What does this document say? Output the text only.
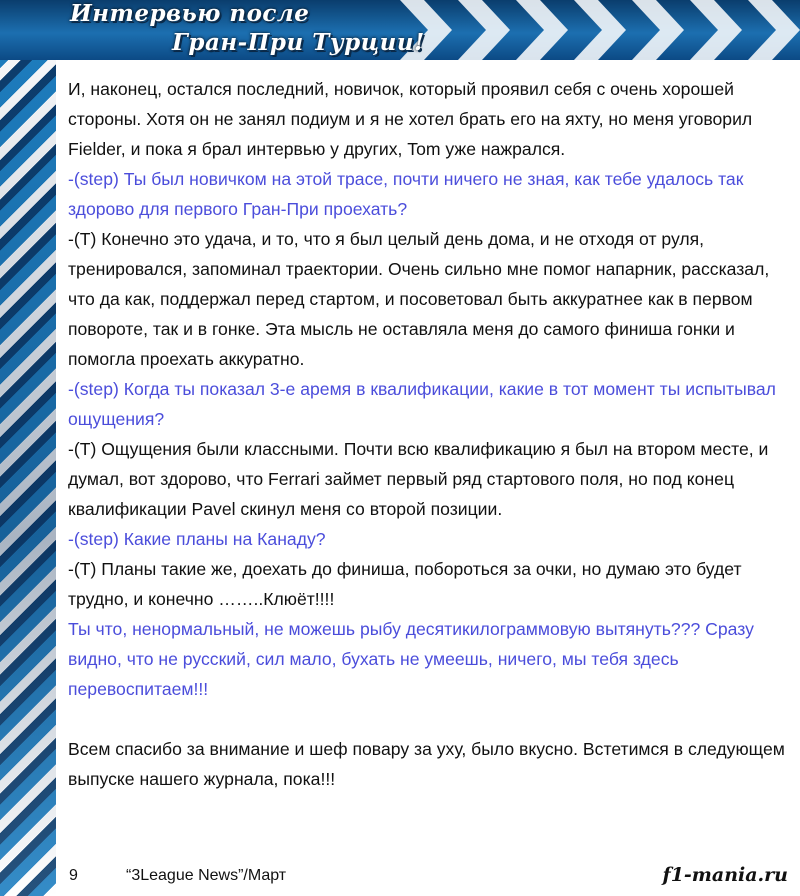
Интервью после
Гран-При Турции!

И, наконец, остался последний, новичок, который проявил себя с очень хорошей стороны. Хотя он не занял подиум и я не хотел брать его на яхту, но меня уговорил Fielder, и пока я брал интервью у других, Tom уже нажрался.

-(step) Ты был новичком на этой трасе, почти ничего не зная, как тебе удалось так здорово для первого Гран-При проехать?

-(Т) Конечно это удача, и то, что я был целый день дома, и не отходя от руля, тренировался, запоминал траектории. Очень сильно мне помог напарник, рассказал, что да как, поддержал перед стартом, и посоветовал быть аккуратнее как в первом повороте, так и в гонке. Эта мысль не оставляла меня до самого финиша гонки и помогла проехать аккуратно.

-(step) Когда ты показал 3-е аремя в квалификации, какие в тот момент ты испытывал ощущения?

-(Т) Ощущения были классными. Почти всю квалификацию я был на втором месте, и думал, вот здорово, что Ferrari займет первый ряд стартового поля, но под конец квалификации Pavel скинул меня со второй позиции.

-(step) Какие планы на Канаду?

-(Т) Планы такие же, доехать до финиша, побороться за очки, но думаю это будет трудно, и конечно ……..Клюёт!!!!

Ты что, ненормальный, не можешь рыбу десятикилограммовую вытянуть??? Сразу видно, что не русский, сил мало, бухать не умеешь, ничего, мы тебя здесь перевоспитаем!!!

Всем спасибо за внимание и шеф повару за уху, было вкусно. Встетимся в следующем выпуске нашего журнала, пока!!!

9	“3League News”/Март	f1-mania.ru
